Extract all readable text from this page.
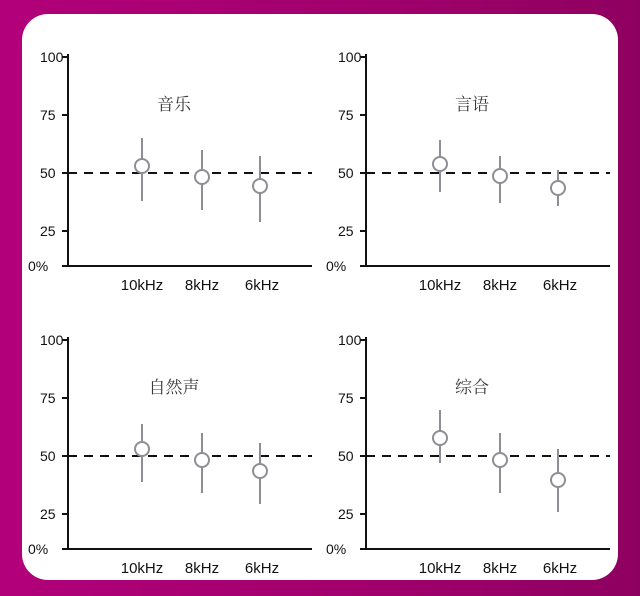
100
75
50
25
0%
10kHz 8kHz 6kHz
音乐
100
75
50
25
0%
10kHz 8kHz 6kHz
言语
100
75
50
25
0%
10kHz 8kHz 6kHz
自然声
100
75
50
25
0%
10kHz 8kHz 6kHz
综合
